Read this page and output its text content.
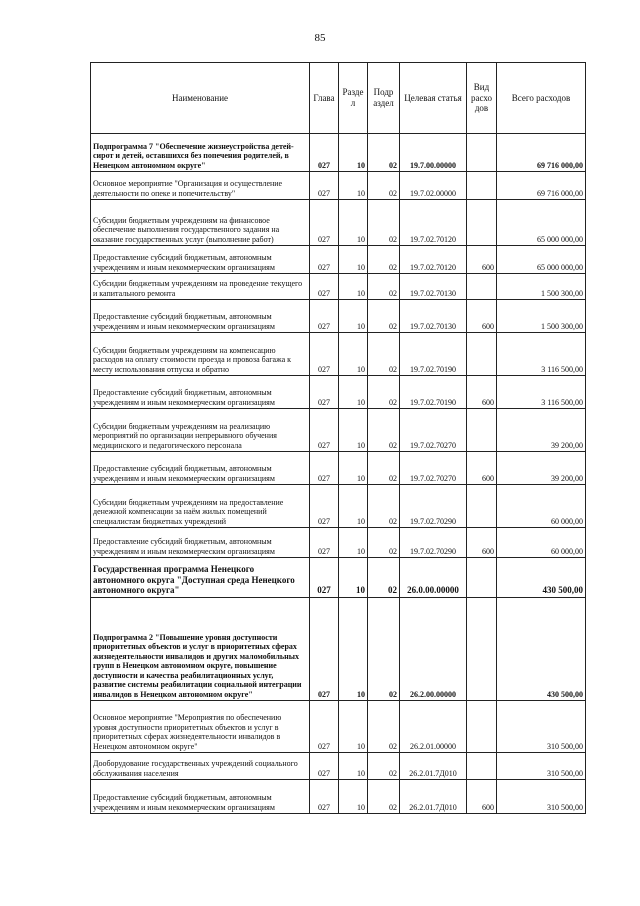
85
Наименование	Глава	Разде л	Подр аздел	Целевая статья	Вид расхо дов	Всего расходов
Подпрограмма 7 "Обеспечение жизнеустройства детей-сирот и детей, оставшихся без попечения родителей, в Ненецком автономном округе"	027	10	02	19.7.00.00000		69 716 000,00
Основное мероприятие "Организация и осуществление деятельности по опеке и попечительству"	027	10	02	19.7.02.00000		69 716 000,00
Субсидии бюджетным учреждениям на финансовое обеспечение выполнения государственного задания на оказание государственных услуг (выполнение работ)	027	10	02	19.7.02.70120		65 000 000,00
Предоставление субсидий бюджетным, автономным учреждениям и иным некоммерческим организациям	027	10	02	19.7.02.70120	600	65 000 000,00
Субсидии бюджетным учреждениям на проведение текущего и капитального ремонта	027	10	02	19.7.02.70130		1 500 300,00
Предоставление субсидий бюджетным, автономным учреждениям и иным некоммерческим организациям	027	10	02	19.7.02.70130	600	1 500 300,00
Субсидии бюджетным учреждениям на компенсацию расходов на оплату стоимости проезда и провоза багажа к месту использования отпуска и обратно	027	10	02	19.7.02.70190		3 116 500,00
Предоставление субсидий бюджетным, автономным учреждениям и иным некоммерческим организациям	027	10	02	19.7.02.70190	600	3 116 500,00
Субсидии бюджетным учреждениям на реализацию мероприятий по организации непрерывного обучения медицинского и педагогического персонала	027	10	02	19.7.02.70270		39 200,00
Предоставление субсидий бюджетным, автономным учреждениям и иным некоммерческим организациям	027	10	02	19.7.02.70270	600	39 200,00
Субсидии бюджетным учреждениям на предоставление денежной компенсации за наём жилых помещений специалистам бюджетных учреждений	027	10	02	19.7.02.70290		60 000,00
Предоставление субсидий бюджетным, автономным учреждениям и иным некоммерческим организациям	027	10	02	19.7.02.70290	600	60 000,00
Государственная программа Ненецкого автономного округа "Доступная среда Ненецкого автономного округа"	027	10	02	26.0.00.00000		430 500,00
Подпрограмма 2 "Повышение уровня доступности приоритетных объектов и услуг в приоритетных сферах жизнедеятельности инвалидов и других маломобильных групп в Ненецком автономном округе, повышение доступности и качества реабилитационных услуг, развитие системы реабилитации социальной интеграции инвалидов в Ненецком автономном округе"	027	10	02	26.2.00.00000		430 500,00
Основное мероприятие "Мероприятия по обеспечению уровня доступности приоритетных объектов и услуг в приоритетных сферах жизнедеятельности инвалидов в Ненецком автономном округе"	027	10	02	26.2.01.00000		310 500,00
Дооборудование государственных учреждений социального обслуживания населения	027	10	02	26.2.01.7Д010		310 500,00
Предоставление субсидий бюджетным, автономным учреждениям и иным некоммерческим организациям	027	10	02	26.2.01.7Д010	600	310 500,00
